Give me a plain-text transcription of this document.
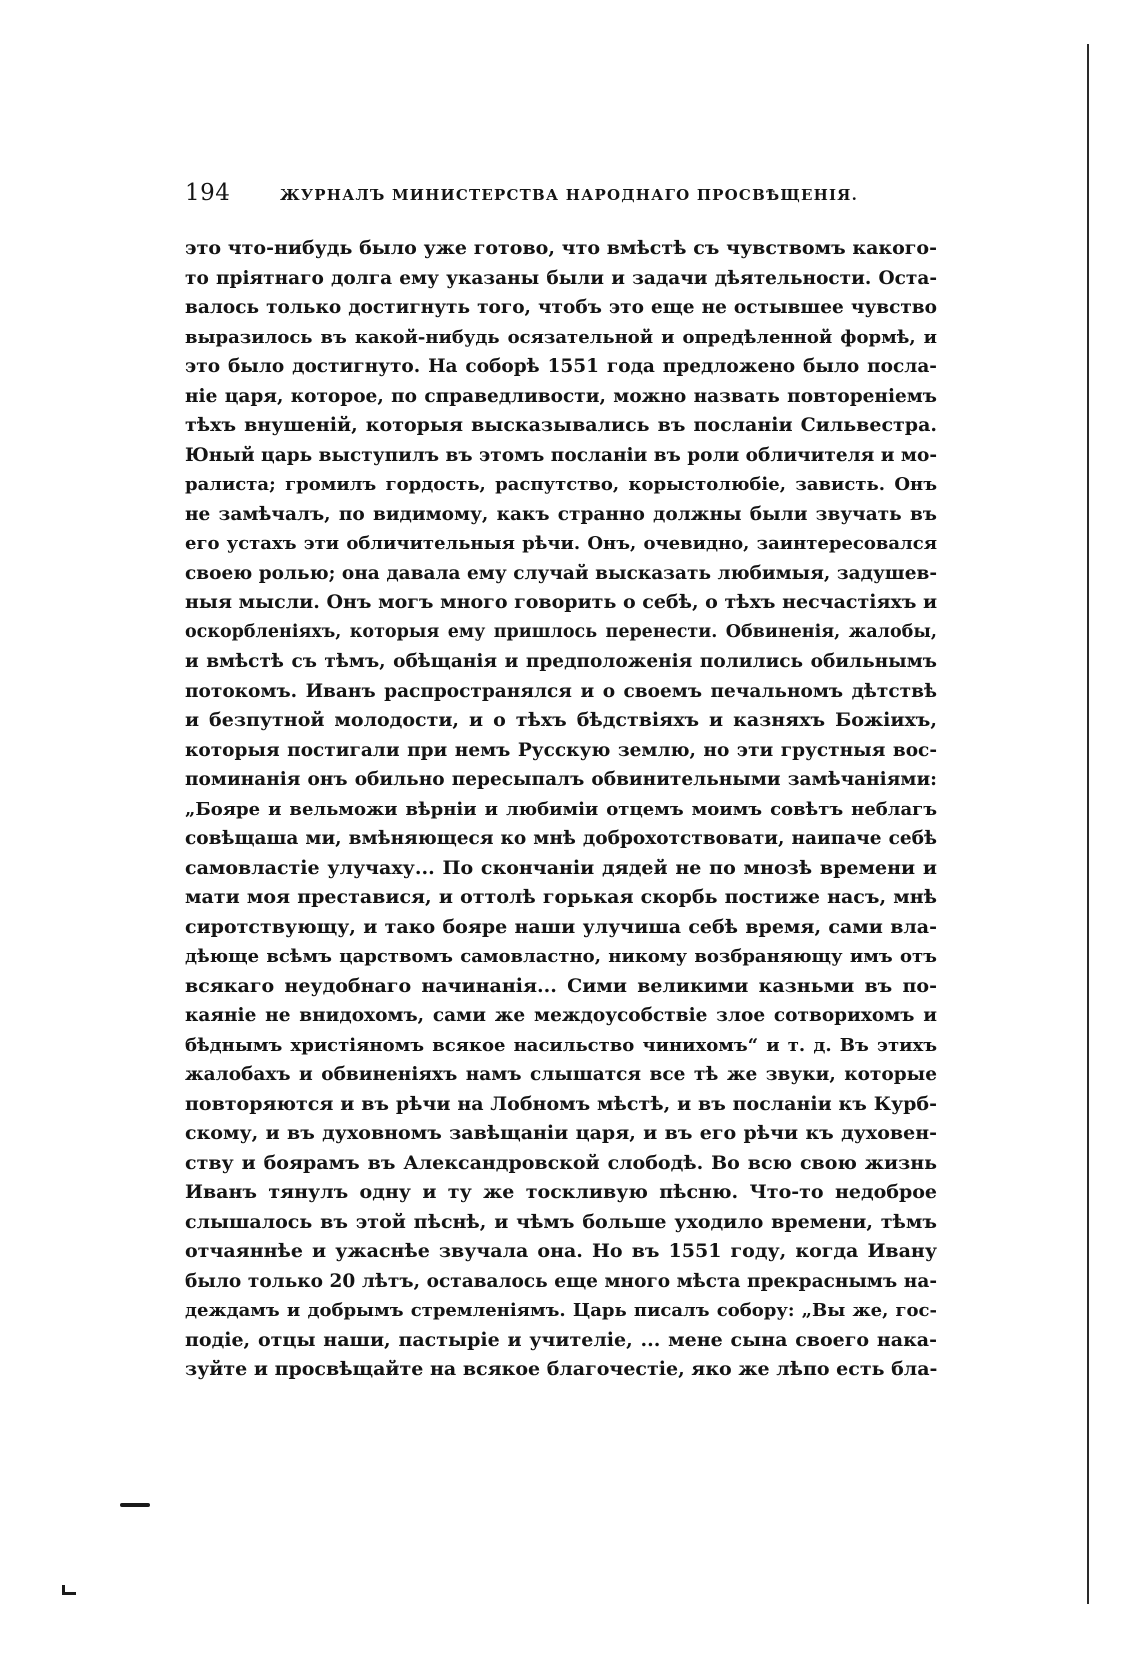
194	ЖУРНАЛЪ МИНИСТЕРСТВА НАРОДНАГО ПРОСВѢЩЕНІЯ.
это что-нибудь было уже готово, что вмѣстѣ съ чувствомъ какого-
то пріятнаго долга ему указаны были и задачи дѣятельности. Оста-
валось только достигнуть того, чтобъ это еще не остывшее чувство
выразилось въ какой-нибудь осязательной и опредѣленной формѣ, и
это было достигнуто. На соборѣ 1551 года предложено было посла-
ніе царя, которое, по справедливости, можно назвать повтореніемъ
тѣхъ внушеній, которыя высказывались въ посланіи Сильвестра.
Юный царь выступилъ въ этомъ посланіи въ роли обличителя и мо-
ралиста; громилъ гордость, распутство, корыстолюбіе, зависть. Онъ
не замѣчалъ, по видимому, какъ странно должны были звучать въ
его устахъ эти обличительныя рѣчи. Онъ, очевидно, заинтересовался
своею ролью; она давала ему случай высказать любимыя, задушев-
ныя мысли. Онъ могъ много говорить о себѣ, о тѣхъ несчастіяхъ и
оскорбленіяхъ, которыя ему пришлось перенести. Обвиненія, жалобы,
и вмѣстѣ съ тѣмъ, обѣщанія и предположенія полились обильнымъ
потокомъ. Иванъ распространялся и о своемъ печальномъ дѣтствѣ
и безпутной молодости, и о тѣхъ бѣдствіяхъ и казняхъ Божіихъ,
которыя постигали при немъ Русскую землю, но эти грустныя вос-
поминанія онъ обильно пересыпалъ обвинительными замѣчаніями:
„Бояре и вельможи вѣрніи и любиміи отцемъ моимъ совѣтъ неблагъ
совѣщаша ми, вмѣняющеся ко мнѣ доброхотствовати, наипаче себѣ
самовластіе улучаху... По скончаніи дядей не по мнозѣ времени и
мати моя преставися, и оттолѣ горькая скорбь постиже насъ, мнѣ
сиротствующу, и тако бояре наши улучиша себѣ время, сами вла-
дѣюще всѣмъ царствомъ самовластно, никому возбраняющу имъ отъ
всякаго неудобнаго начинанія... Сими великими казньми въ по-
каяніе не внидохомъ, сами же междоусобствіе злое сотворихомъ и
бѣднымъ христіяномъ всякое насильство чинихомъ“ и т. д. Въ этихъ
жалобахъ и обвиненіяхъ намъ слышатся все тѣ же звуки, которые
повторяются и въ рѣчи на Лобномъ мѣстѣ, и въ посланіи къ Курб-
скому, и въ духовномъ завѣщаніи царя, и въ его рѣчи къ духовен-
ству и боярамъ въ Александровской слободѣ. Во всю свою жизнь
Иванъ тянулъ одну и ту же тоскливую пѣсню. Что-то недоброе
слышалось въ этой пѣснѣ, и чѣмъ больше уходило времени, тѣмъ
отчаяннѣе и ужаснѣе звучала она. Но въ 1551 году, когда Ивану
было только 20 лѣтъ, оставалось еще много мѣста прекраснымъ на-
деждамъ и добрымъ стремленіямъ. Царь писалъ собору: „Вы же, гос-
подіе, отцы наши, пастыріе и учителіе, ... мене сына своего нака-
зуйте и просвѣщайте на всякое благочестіе, яко же лѣпо есть бла-
